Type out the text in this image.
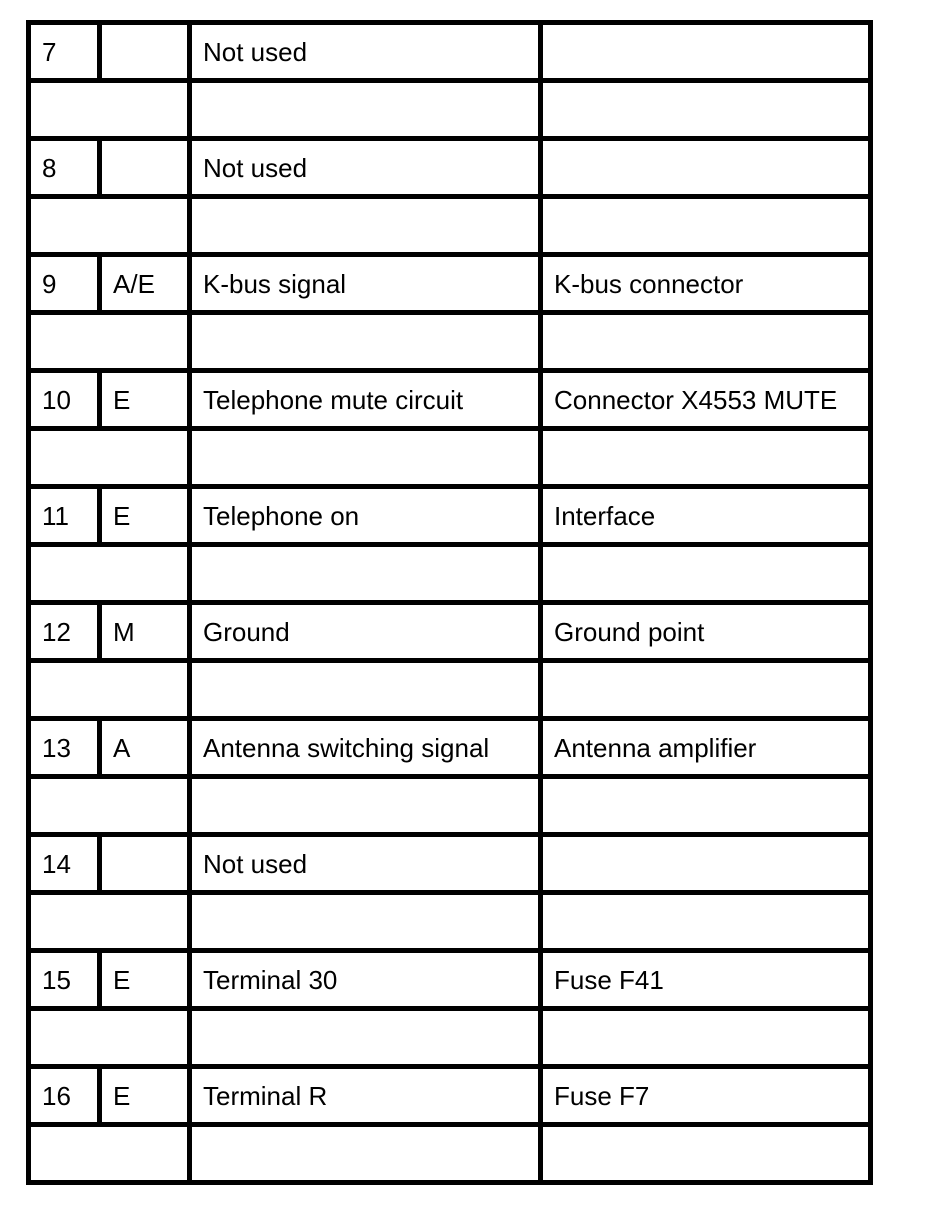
7		Not used	

8		Not used	

9	A/E	K-bus signal	K-bus connector

10	E	Telephone mute circuit	Connector X4553 MUTE

11	E	Telephone on	Interface

12	M	Ground	Ground point

13	A	Antenna switching signal	Antenna amplifier

14		Not used	

15	E	Terminal 30	Fuse F41

16	E	Terminal R	Fuse F7
